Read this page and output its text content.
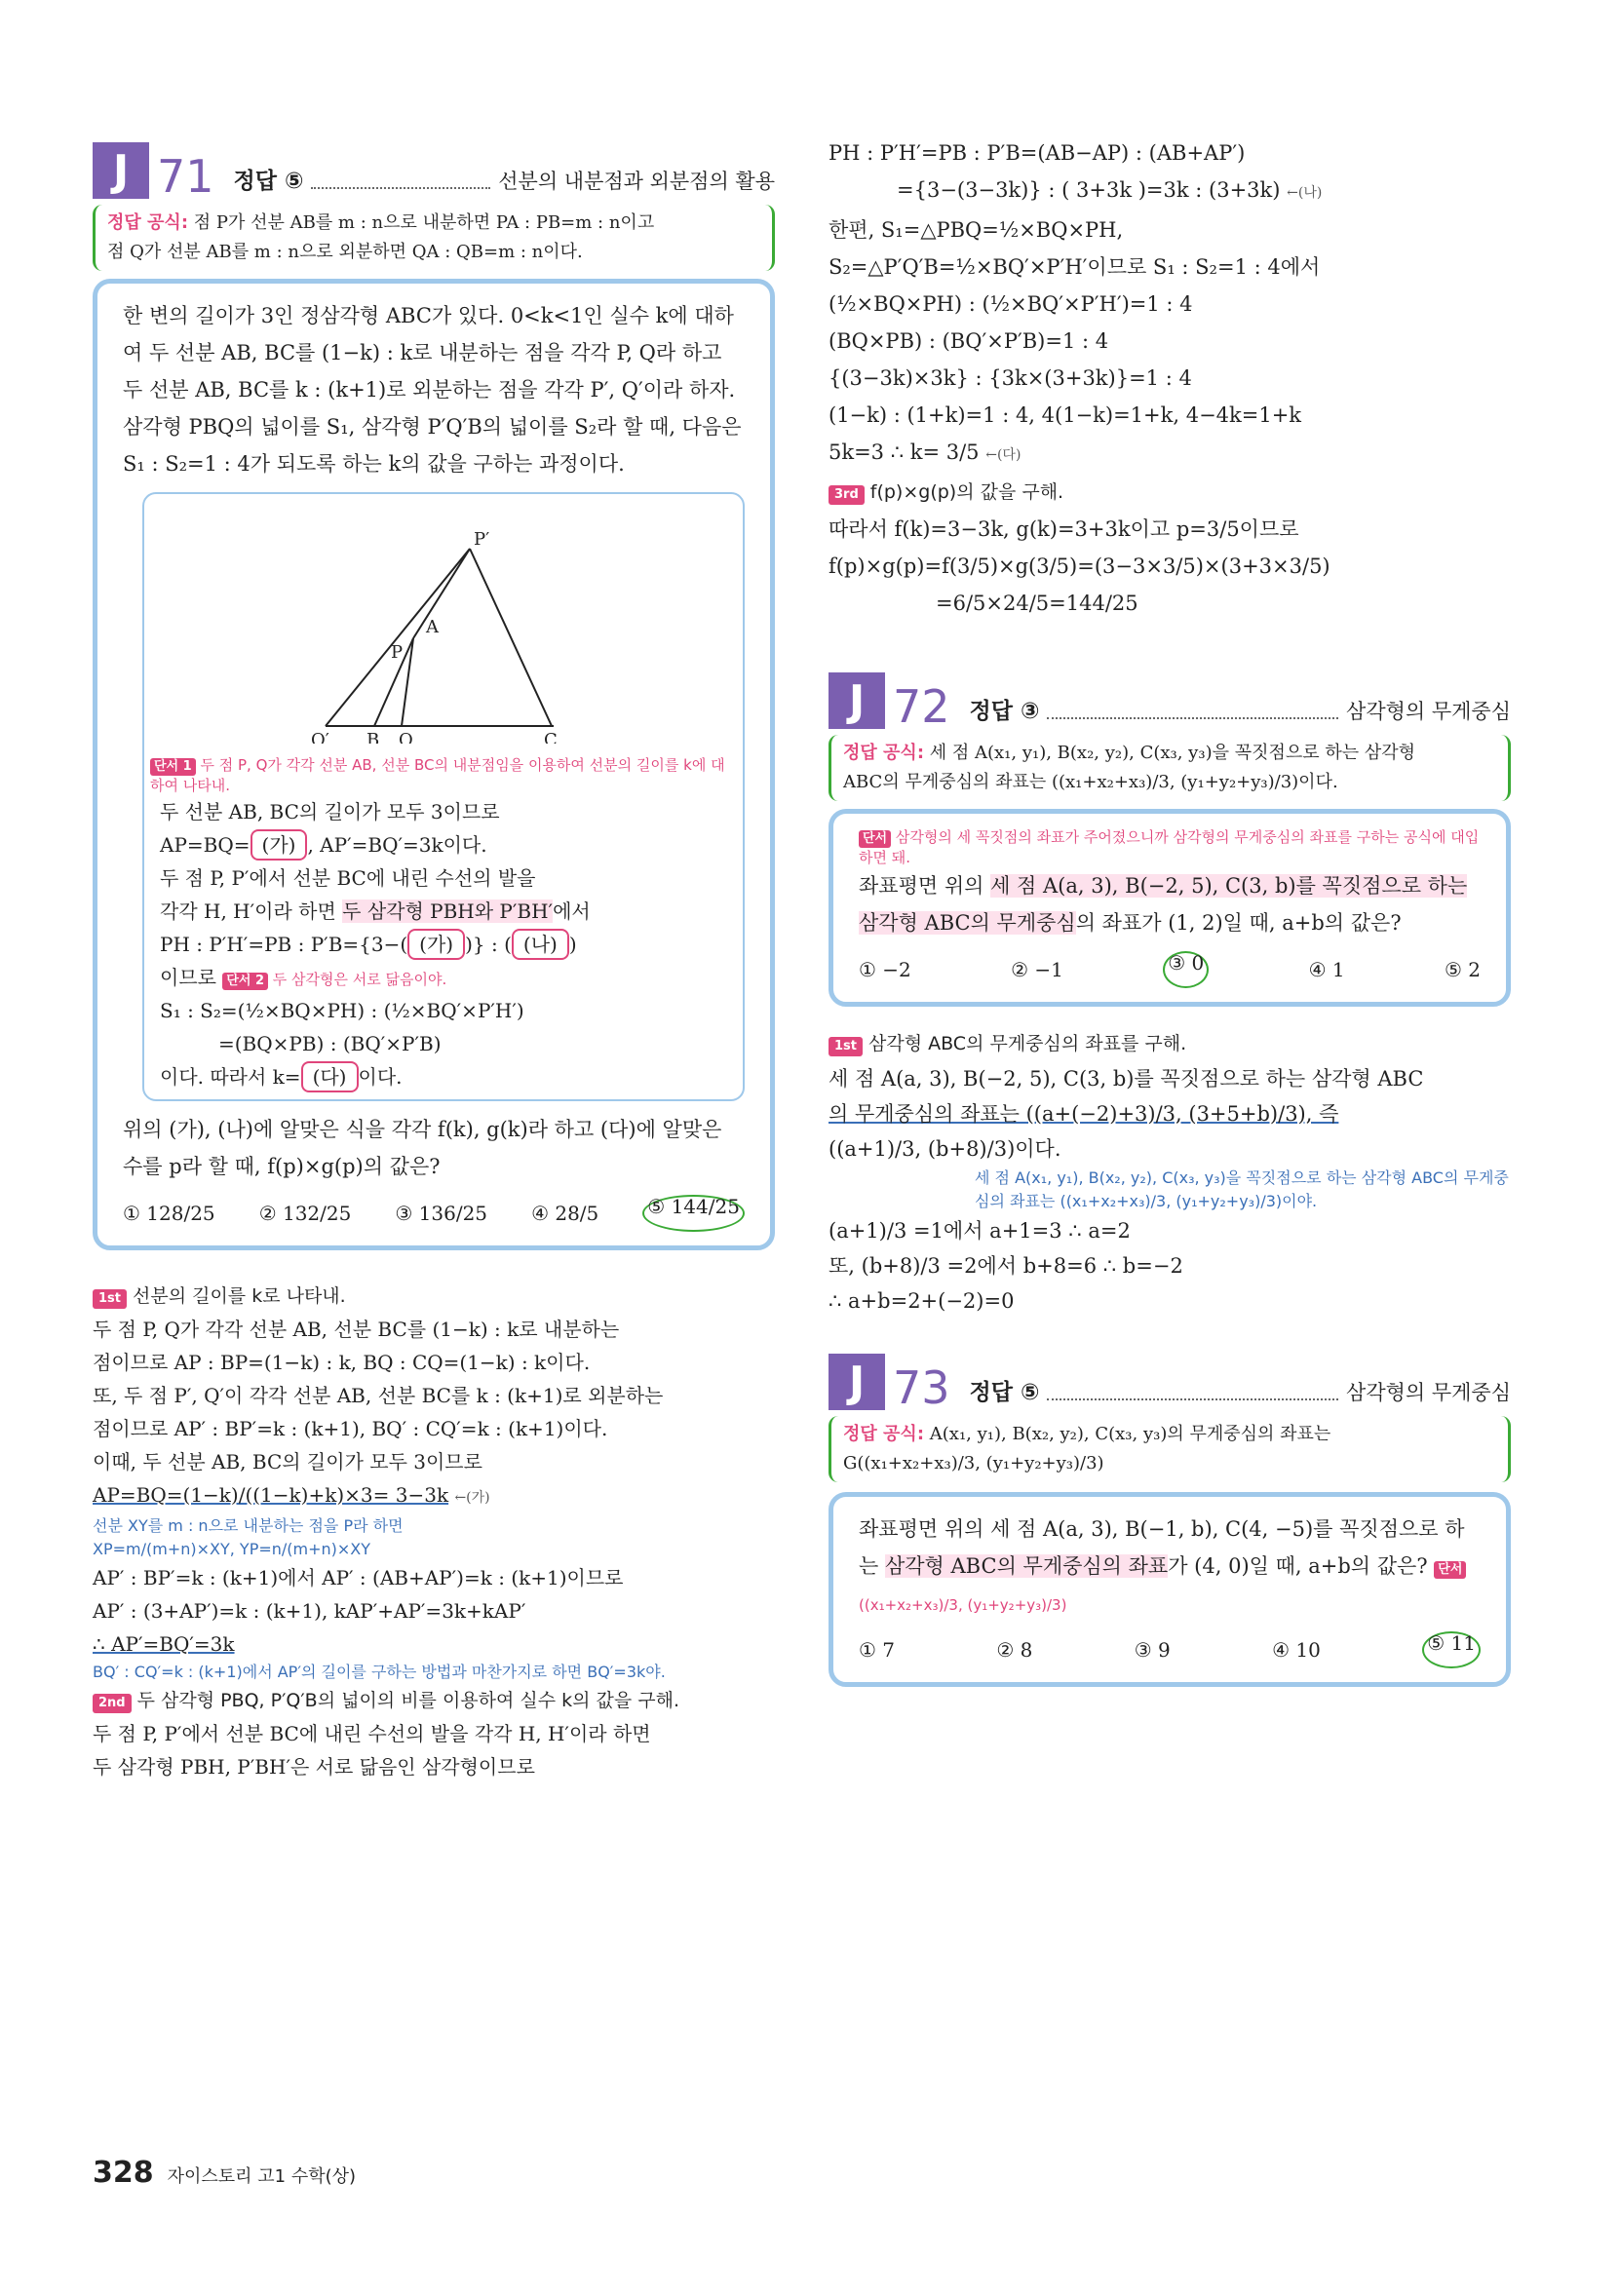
J 71 정답 ⑤	선분의 내분점과 외분점의 활용
정답 공식: 점 P가 선분 AB를 m : n으로 내분하면 PA : PB=m : n이고
점 Q가 선분 AB를 m : n으로 외분하면 QA : QB=m : n이다.
한 변의 길이가 3인 정삼각형 ABC가 있다. 0<k<1인 실수 k에 대하여 두 선분 AB, BC를 (1−k) : k로 내분하는 점을 각각 P, Q라 하고 두 선분 AB, BC를 k : (k+1)로 외분하는 점을 각각 P′, Q′이라 하자. 삼각형 PBQ의 넓이를 S₁, 삼각형 P′Q′B의 넓이를 S₂라 할 때, 다음은 S₁ : S₂=1 : 4가 되도록 하는 k의 값을 구하는 과정이다.
P′
A
P
Q′ B Q	C
단서 1 두 점 P, Q가 각각 선분 AB, 선분 BC의 내분점임을 이용하여 선분의 길이를 k에 대하여 나타내.
두 선분 AB, BC의 길이가 모두 3이므로
AP=BQ= (가) , AP′=BQ′=3k이다.
두 점 P, P′에서 선분 BC에 내린 수선의 발을
각각 H, H′이라 하면 두 삼각형 PBH와 P′BH′에서
PH : P′H′=PB : P′B={3−( (가) )} : ( (나) )
이므로 단서 2 두 삼각형은 서로 닮음이야.
S₁ : S₂=(½×BQ×PH) : (½×BQ′×P′H′)
=(BQ×PB) : (BQ′×P′B)
이다. 따라서 k= (다) 이다.
위의 (가), (나)에 알맞은 식을 각각 f(k), g(k)라 하고 (다)에 알맞은 수를 p라 할 때, f(p)×g(p)의 값은?
① 128/25 ② 132/25 ③ 136/25 ④ 28/5	⑤ 144/25
1st 선분의 길이를 k로 나타내.
두 점 P, Q가 각각 선분 AB, 선분 BC를 (1−k) : k로 내분하는
점이므로 AP : BP=(1−k) : k, BQ : CQ=(1−k) : k이다.
또, 두 점 P′, Q′이 각각 선분 AB, 선분 BC를 k : (k+1)로 외분하는
점이므로 AP′ : BP′=k : (k+1), BQ′ : CQ′=k : (k+1)이다.
이때, 두 선분 AB, BC의 길이가 모두 3이므로
AP=BQ=(1−k)/((1−k)+k)×3= 3−3k ←(가)
선분 XY를 m : n으로 내분하는 점을 P라 하면
XP=m/(m+n)×XY, YP=n/(m+n)×XY
AP′ : BP′=k : (k+1)에서 AP′ : (AB+AP′)=k : (k+1)이므로
AP′ : (3+AP′)=k : (k+1), kAP′+AP′=3k+kAP′
∴ AP′=BQ′=3k
BQ′ : CQ′=k : (k+1)에서 AP′의 길이를 구하는 방법과 마찬가지로 하면 BQ′=3k야.
2nd 두 삼각형 PBQ, P′Q′B의 넓이의 비를 이용하여 실수 k의 값을 구해.
두 점 P, P′에서 선분 BC에 내린 수선의 발을 각각 H, H′이라 하면
두 삼각형 PBH, P′BH′은 서로 닮음인 삼각형이므로
PH : P′H′=PB : P′B=(AB−AP) : (AB+AP′)
={3−(3−3k)} : ( 3+3k )=3k : (3+3k) ←(나)
한편, S₁=△PBQ=½×BQ×PH,
S₂=△P′Q′B=½×BQ′×P′H′이므로 S₁ : S₂=1 : 4에서
(½×BQ×PH) : (½×BQ′×P′H′)=1 : 4
(BQ×PB) : (BQ′×P′B)=1 : 4
{(3−3k)×3k} : {3k×(3+3k)}=1 : 4
(1−k) : (1+k)=1 : 4, 4(1−k)=1+k, 4−4k=1+k
5k=3 ∴ k= 3/5 ←(다)
3rd f(p)×g(p)의 값을 구해.
따라서 f(k)=3−3k, g(k)=3+3k이고 p=3/5이므로
f(p)×g(p)=f(3/5)×g(3/5)=(3−3×3/5)×(3+3×3/5)
=6/5×24/5=144/25
J 72 정답 ③	삼각형의 무게중심
정답 공식: 세 점 A(x₁, y₁), B(x₂, y₂), C(x₃, y₃)을 꼭짓점으로 하는 삼각형
ABC의 무게중심의 좌표는 ((x₁+x₂+x₃)/3, (y₁+y₂+y₃)/3)이다.
단서 삼각형의 세 꼭짓점의 좌표가 주어졌으니까 삼각형의 무게중심의 좌표를 구하는 공식에 대입하면 돼.
좌표평면 위의 세 점 A(a, 3), B(−2, 5), C(3, b)를 꼭짓점으로 하는 삼각형 ABC의 무게중심의 좌표가 (1, 2)일 때, a+b의 값은?
① −2	② −1	③ 0	④ 1	⑤ 2
1st 삼각형 ABC의 무게중심의 좌표를 구해.
세 점 A(a, 3), B(−2, 5), C(3, b)를 꼭짓점으로 하는 삼각형 ABC
의 무게중심의 좌표는 ((a+(−2)+3)/3, (3+5+b)/3), 즉
((a+1)/3, (b+8)/3)이다.
세 점 A(x₁, y₁), B(x₂, y₂), C(x₃, y₃)을 꼭짓점으로 하는 삼각형 ABC의 무게중심의 좌표는 ((x₁+x₂+x₃)/3, (y₁+y₂+y₃)/3)이야.
(a+1)/3 =1에서 a+1=3 ∴ a=2
또, (b+8)/3 =2에서 b+8=6 ∴ b=−2
∴ a+b=2+(−2)=0
J 73 정답 ⑤	삼각형의 무게중심
정답 공식: A(x₁, y₁), B(x₂, y₂), C(x₃, y₃)의 무게중심의 좌표는
G((x₁+x₂+x₃)/3, (y₁+y₂+y₃)/3)
좌표평면 위의 세 점 A(a, 3), B(−1, b), C(4, −5)를 꼭짓점으로 하는 삼각형 ABC의 무게중심의 좌표가 (4, 0)일 때, a+b의 값은? 단서 ((x₁+x₂+x₃)/3, (y₁+y₂+y₃)/3)
① 7	② 8	③ 9	④ 10	⑤ 11
328 자이스토리 고1 수학(상)
